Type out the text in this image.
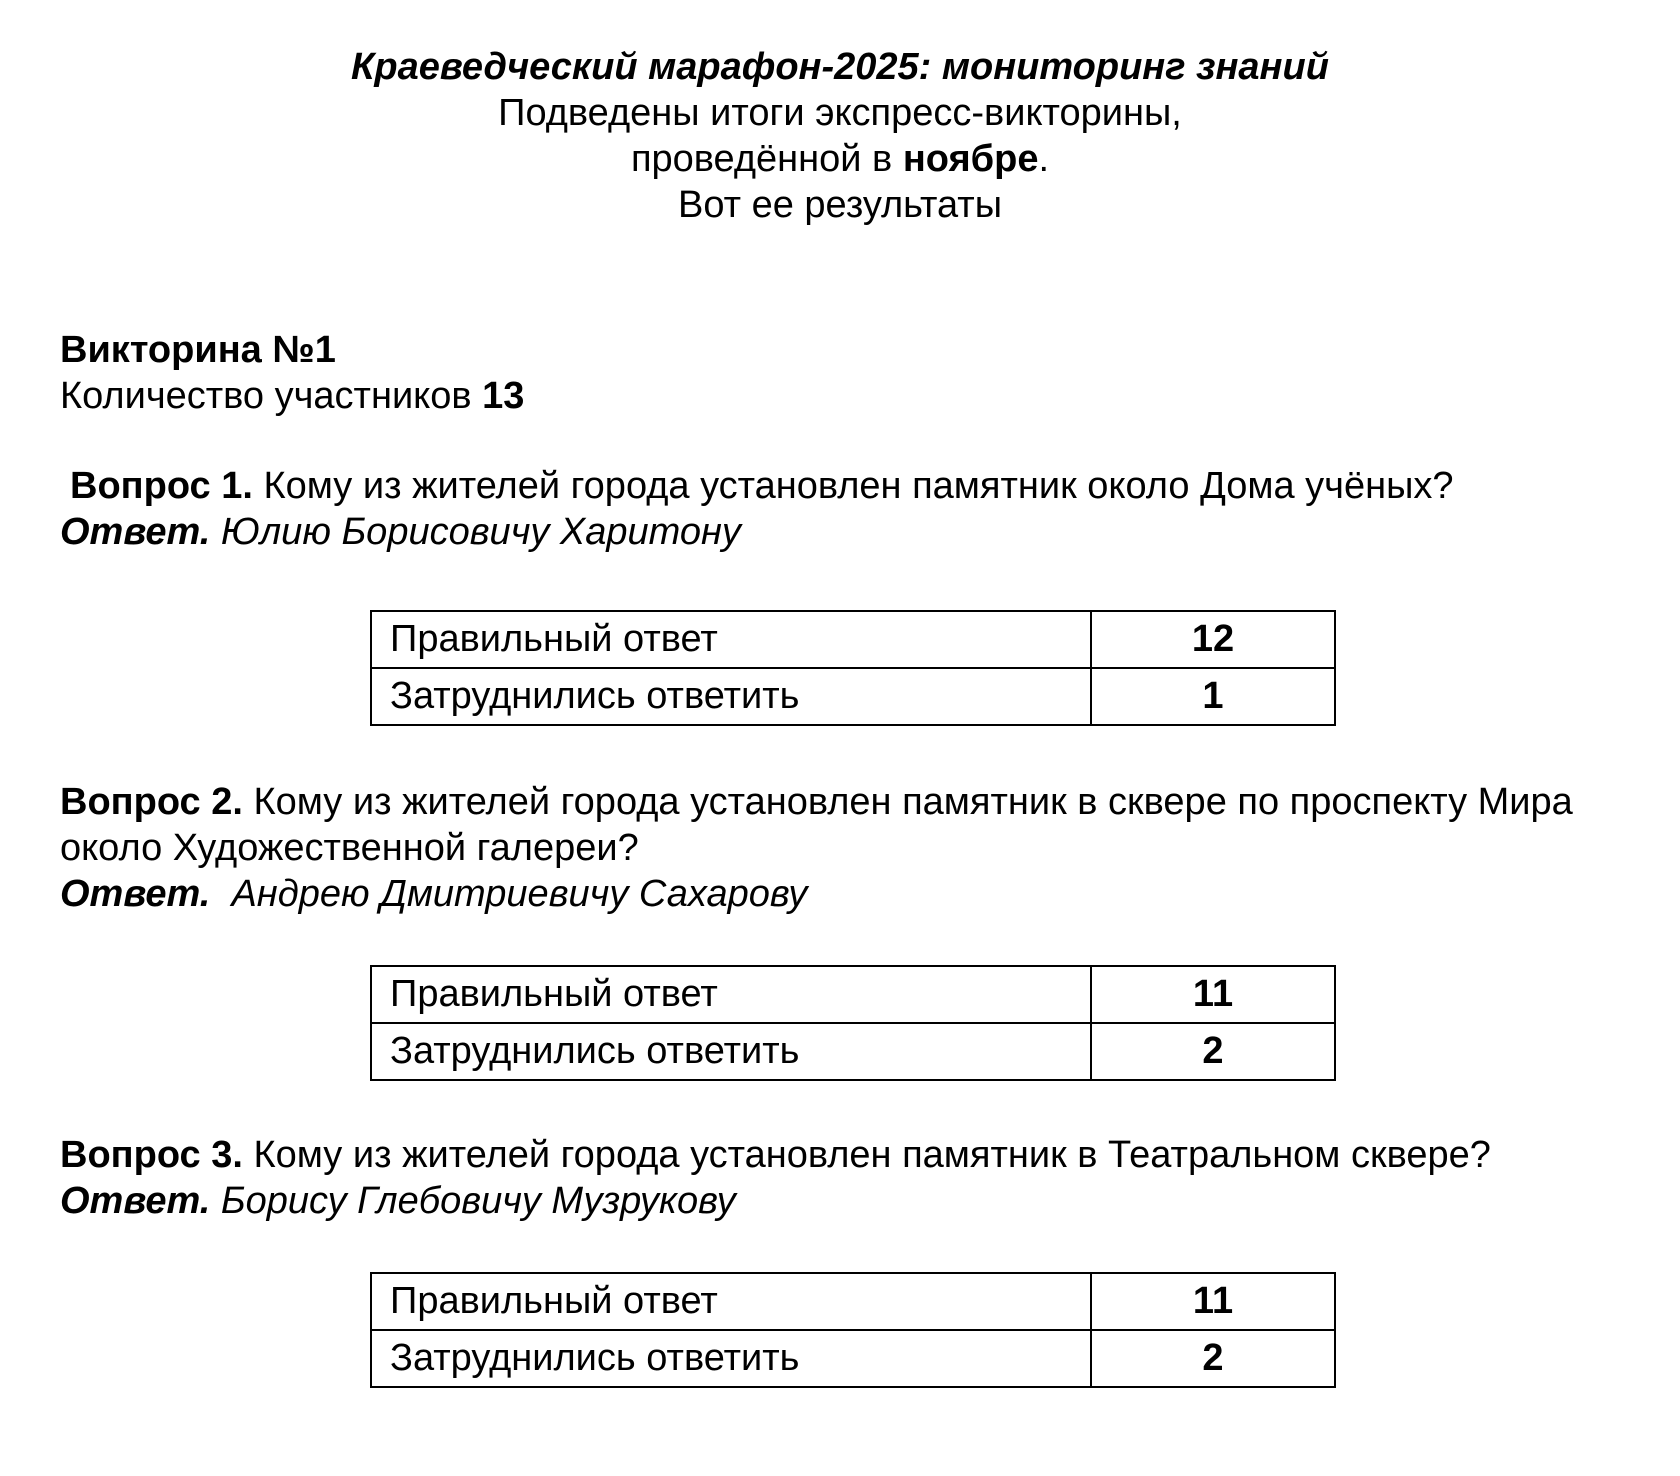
Краеведческий марафон-2025: мониторинг знаний
Подведены итоги экспресс-викторины,
проведённой в ноябре.
Вот ее результаты
Викторина №1
Количество участников 13
Вопрос 1. Кому из жителей города установлен памятник около Дома учёных?
Ответ. Юлию Борисовичу Харитону
Правильный ответ	12
Затруднились ответить	1
Вопрос 2. Кому из жителей города установлен памятник в сквере по проспекту Мира около Художественной галереи?
Ответ.  Андрею Дмитриевичу Сахарову
Правильный ответ	11
Затруднились ответить	2
Вопрос 3. Кому из жителей города установлен памятник в Театральном сквере?
Ответ. Борису Глебовичу Музрукову
Правильный ответ	11
Затруднились ответить	2
